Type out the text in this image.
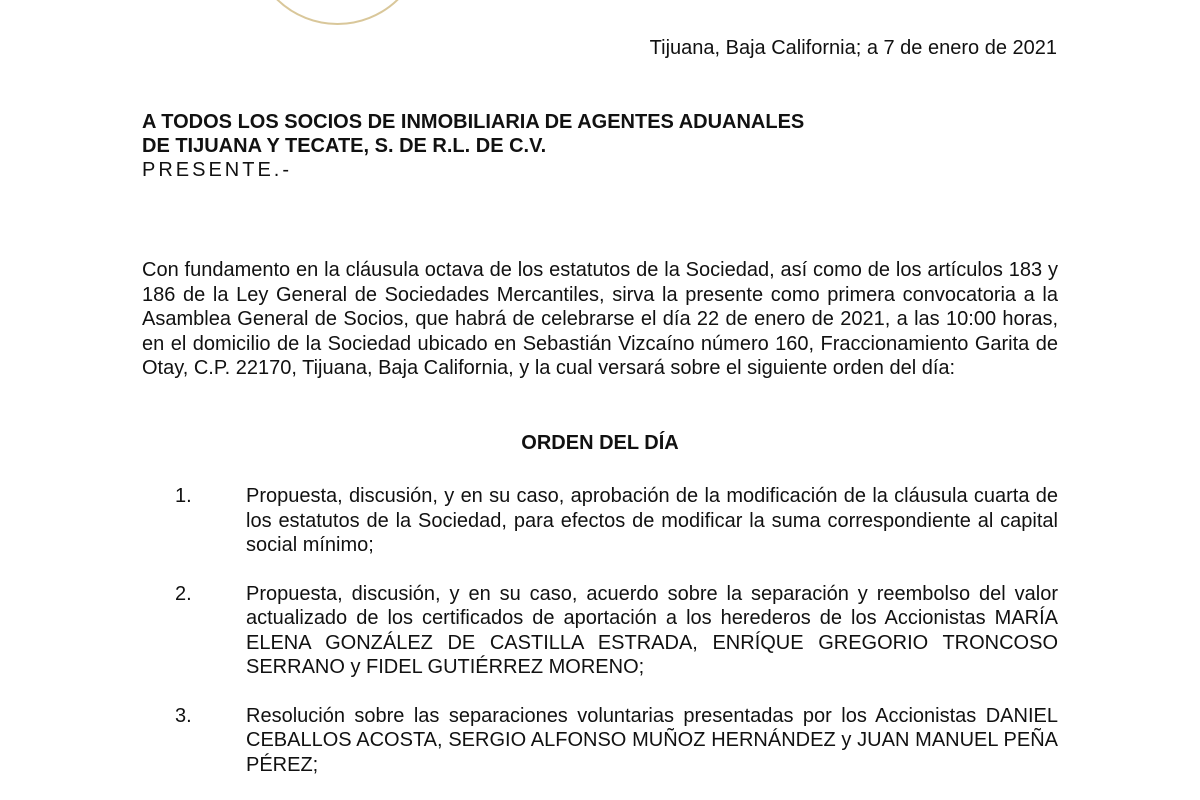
Tijuana, Baja California; a 7 de enero de 2021
A TODOS LOS SOCIOS DE INMOBILIARIA DE AGENTES ADUANALES
DE TIJUANA Y TECATE, S. DE R.L. DE C.V.
PRESENTE.-

Con fundamento en la cláusula octava de los estatutos de la Sociedad, así como de los artículos 183 y 186 de la Ley General de Sociedades Mercantiles, sirva la presente como primera convocatoria a la Asamblea General de Socios, que habrá de celebrarse el día 22 de enero de 2021, a las 10:00 horas, en el domicilio de la Sociedad ubicado en Sebastián Vizcaíno número 160, Fraccionamiento Garita de Otay, C.P. 22170, Tijuana, Baja California, y la cual versará sobre el siguiente orden del día:

ORDEN DEL DÍA
1.	Propuesta, discusión, y en su caso, aprobación de la modificación de la cláusula cuarta de los estatutos de la Sociedad, para efectos de modificar la suma correspondiente al capital social mínimo;
2.	Propuesta, discusión, y en su caso, acuerdo sobre la separación y reembolso del valor actualizado de los certificados de aportación a los herederos de los Accionistas MARÍA ELENA GONZÁLEZ DE CASTILLA ESTRADA, ENRÍQUE GREGORIO TRONCOSO SERRANO y FIDEL GUTIÉRREZ MORENO;
3.	Resolución sobre las separaciones voluntarias presentadas por los Accionistas DANIEL CEBALLOS ACOSTA, SERGIO ALFONSO MUÑOZ HERNÁNDEZ y JUAN MANUEL PEÑA PÉREZ;
